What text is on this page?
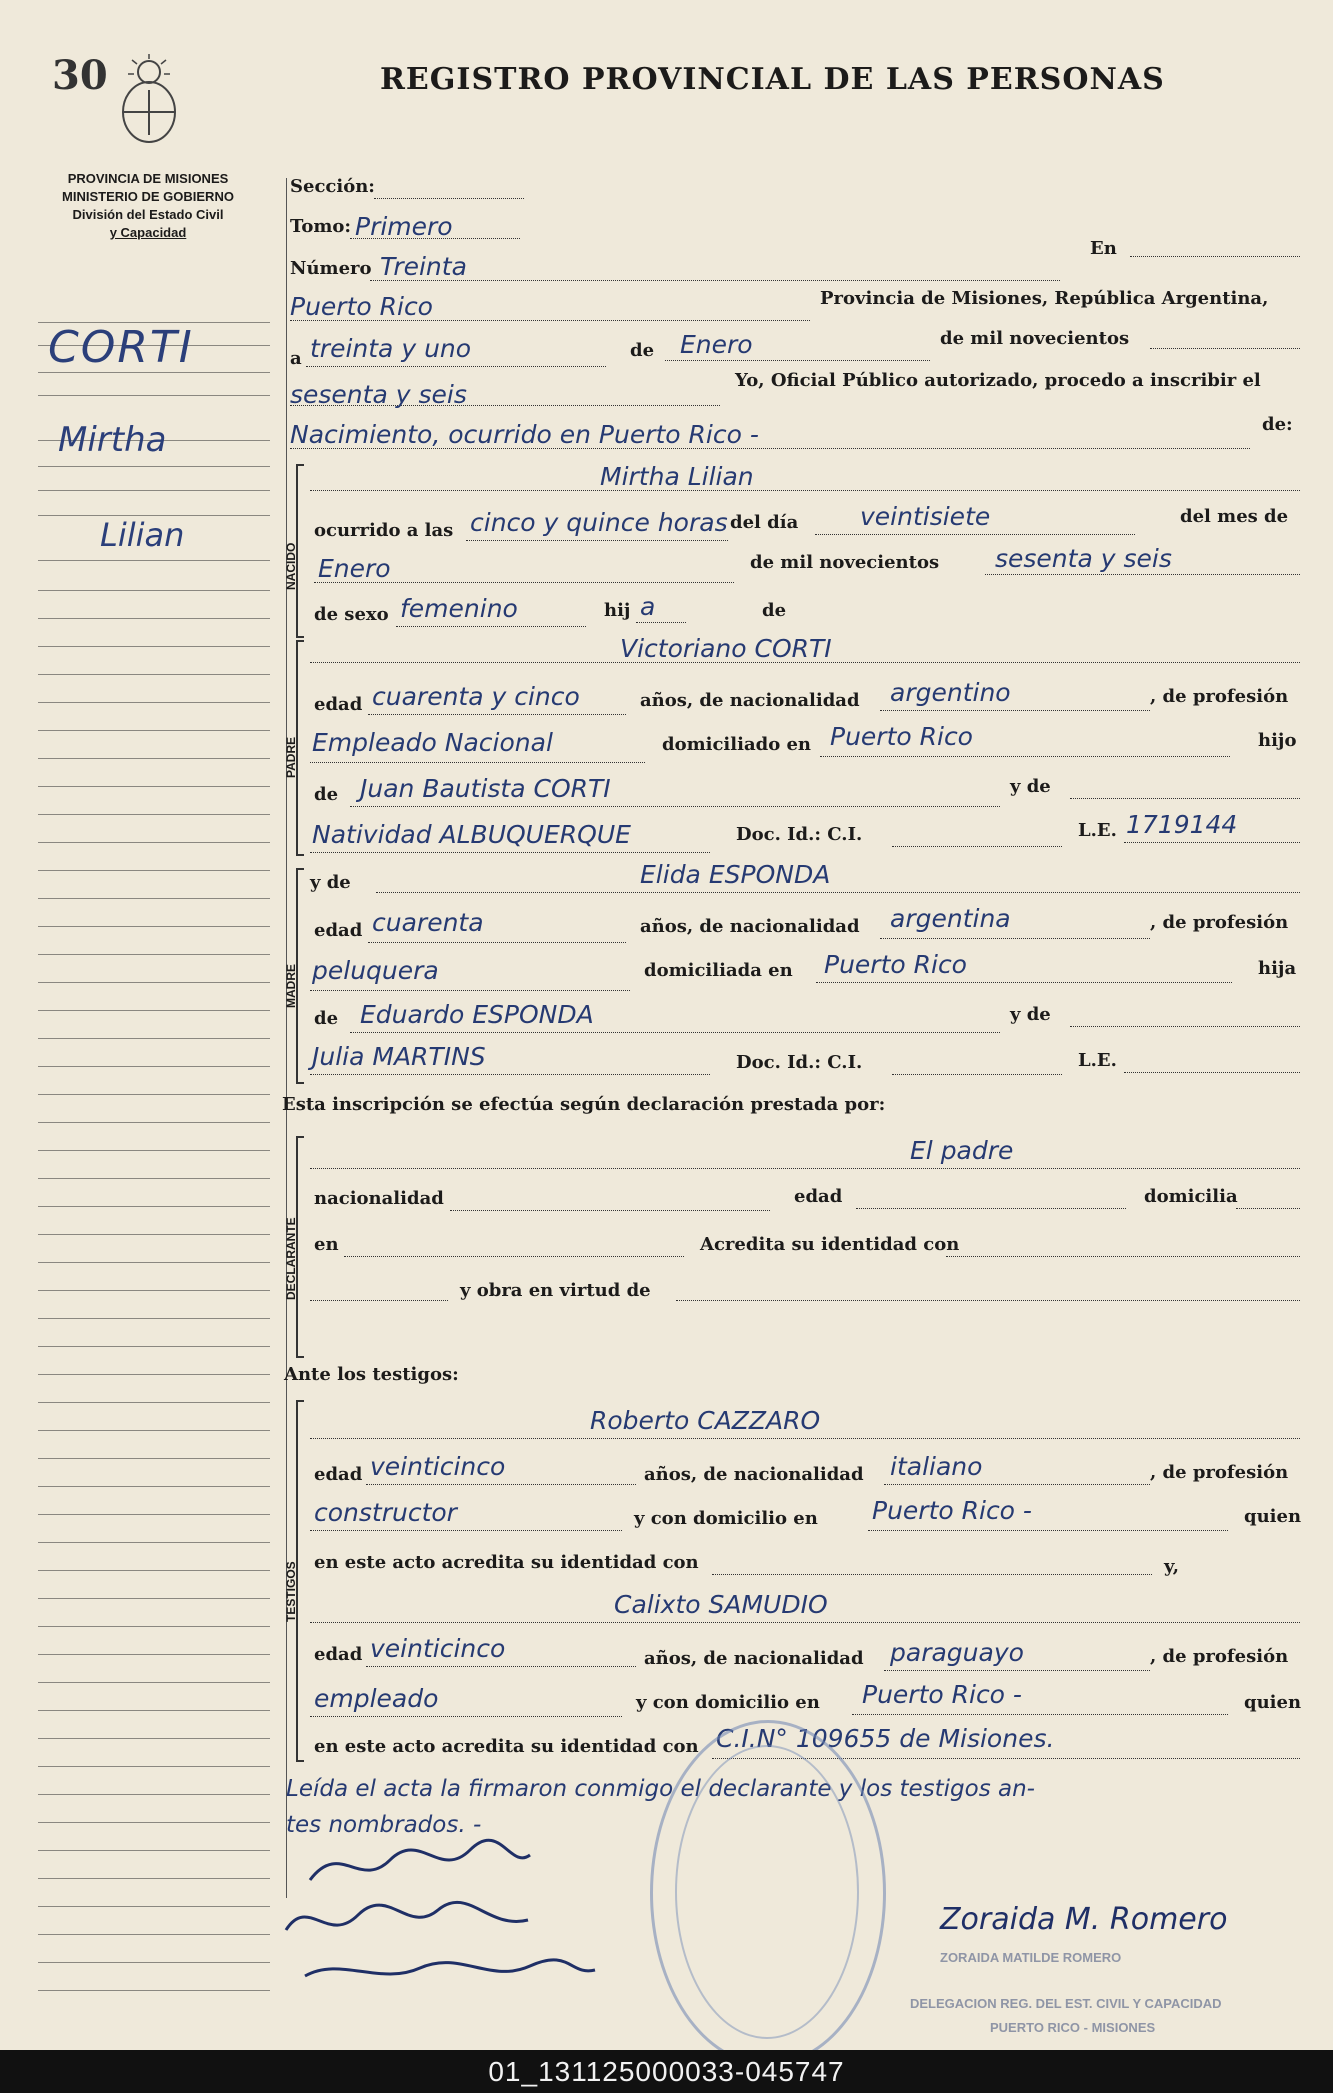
30	REGISTRO PROVINCIAL DE LAS PERSONAS
PROVINCIA DE MISIONES
MINISTERIO DE GOBIERNO
División del Estado Civil
y Capacidad
CORTI
Mirtha
Lilian
Sección:
Tomo: Primero
Número Treinta
En
Puerto Rico	Provincia de Misiones, República Argentina,
a treinta y uno	de Enero	de mil novecientos
sesenta y seis	Yo, Oficial Público autorizado, procedo a inscribir el
Nacimiento, ocurrido en Puerto Rico -	de:
NACIDO
Mirtha Lilian
ocurrido a las cinco y quince horas del día veintisiete	del mes de
Enero	de mil novecientos sesenta y seis
de sexo femenino	hij a	de
PADRE
Victoriano CORTI
edad cuarenta y cinco	años, de nacionalidad argentino	, de profesión
Empleado Nacional	domiciliado en Puerto Rico	hijo
de Juan Bautista CORTI	y de
Natividad ALBUQUERQUE	Doc. Id.: C.I.	L.E. 1719144
MADRE
y de	Elida ESPONDA
edad cuarenta	años, de nacionalidad argentina	, de profesión
peluquera	domiciliada en Puerto Rico	hija
de Eduardo ESPONDA	y de
Julia MARTINS	Doc. Id.: C.I.	L.E.
Esta inscripción se efectúa según declaración prestada por:
DECLARANTE
El padre
nacionalidad	edad	domicilia
en	Acredita su identidad con
y obra en virtud de
Ante los testigos:
TESTIGOS
Roberto CAZZARO
edad veinticinco	años, de nacionalidad italiano	, de profesión
constructor	y con domicilio en Puerto Rico -	quien
en este acto acredita su identidad con	y,
Calixto SAMUDIO
edad veinticinco	años, de nacionalidad paraguayo	, de profesión
empleado	y con domicilio en Puerto Rico -	quien
en este acto acredita su identidad con C.I.N° 109655 de Misiones.
Leída el acta la firmaron conmigo el declarante y los testigos an-
tes nombrados. -
Zoraida M. Romero
ZORAIDA MATILDE ROMERO
DELEGACION REG. DEL EST. CIVIL Y CAPACIDAD
PUERTO RICO - MISIONES
01_131125000033-045747
